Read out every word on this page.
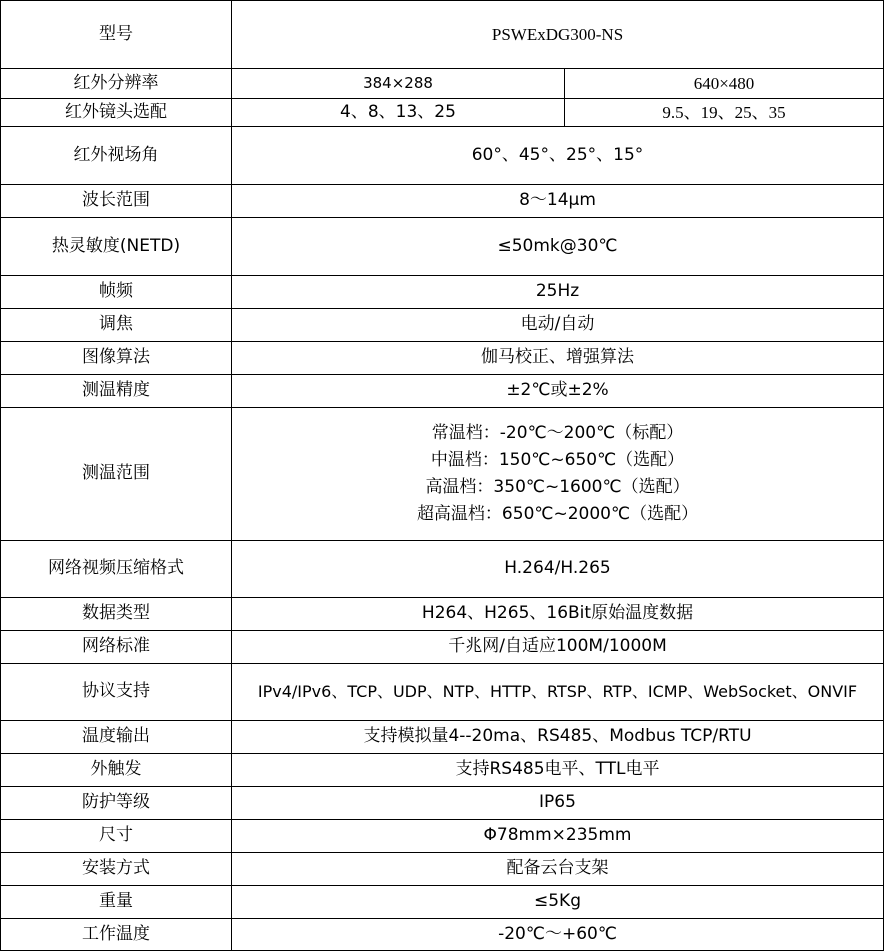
型号	PSWExDG300-NS	
红外分辨率	384×288	640×480
红外镜头选配	4、8、13、25	9.5、19、25、35
红外视场角	60°、45°、25°、15°	
波长范围	8～14μm	
热灵敏度(NETD)	≤50mk@30℃	
帧频	25Hz	
调焦	电动/自动	
图像算法	伽马校正、增强算法	
测温精度	±2℃或±2%	
测温范围	常温档：-20℃～200℃（标配）
中温档：150℃~650℃（选配）
高温档：350℃~1600℃（选配）
超高温档：650℃~2000℃（选配）	

网络视频压缩格式	H.264/H.265	
数据类型	H264、H265、16Bit原始温度数据	
网络标准	千兆网/自适应100M/1000M	
协议支持	IPv4/IPv6、TCP、UDP、NTP、HTTP、RTSP、RTP、ICMP、WebSocket、ONVIF	
温度输出	支持模拟量4--20ma、RS485、Modbus TCP/RTU	
外触发	支持RS485电平、TTL电平	
防护等级	IP65	
尺寸	Φ78mm×235mm	
安装方式	配备云台支架	
重量	≤5Kg	
工作温度	-20℃～+60℃	
